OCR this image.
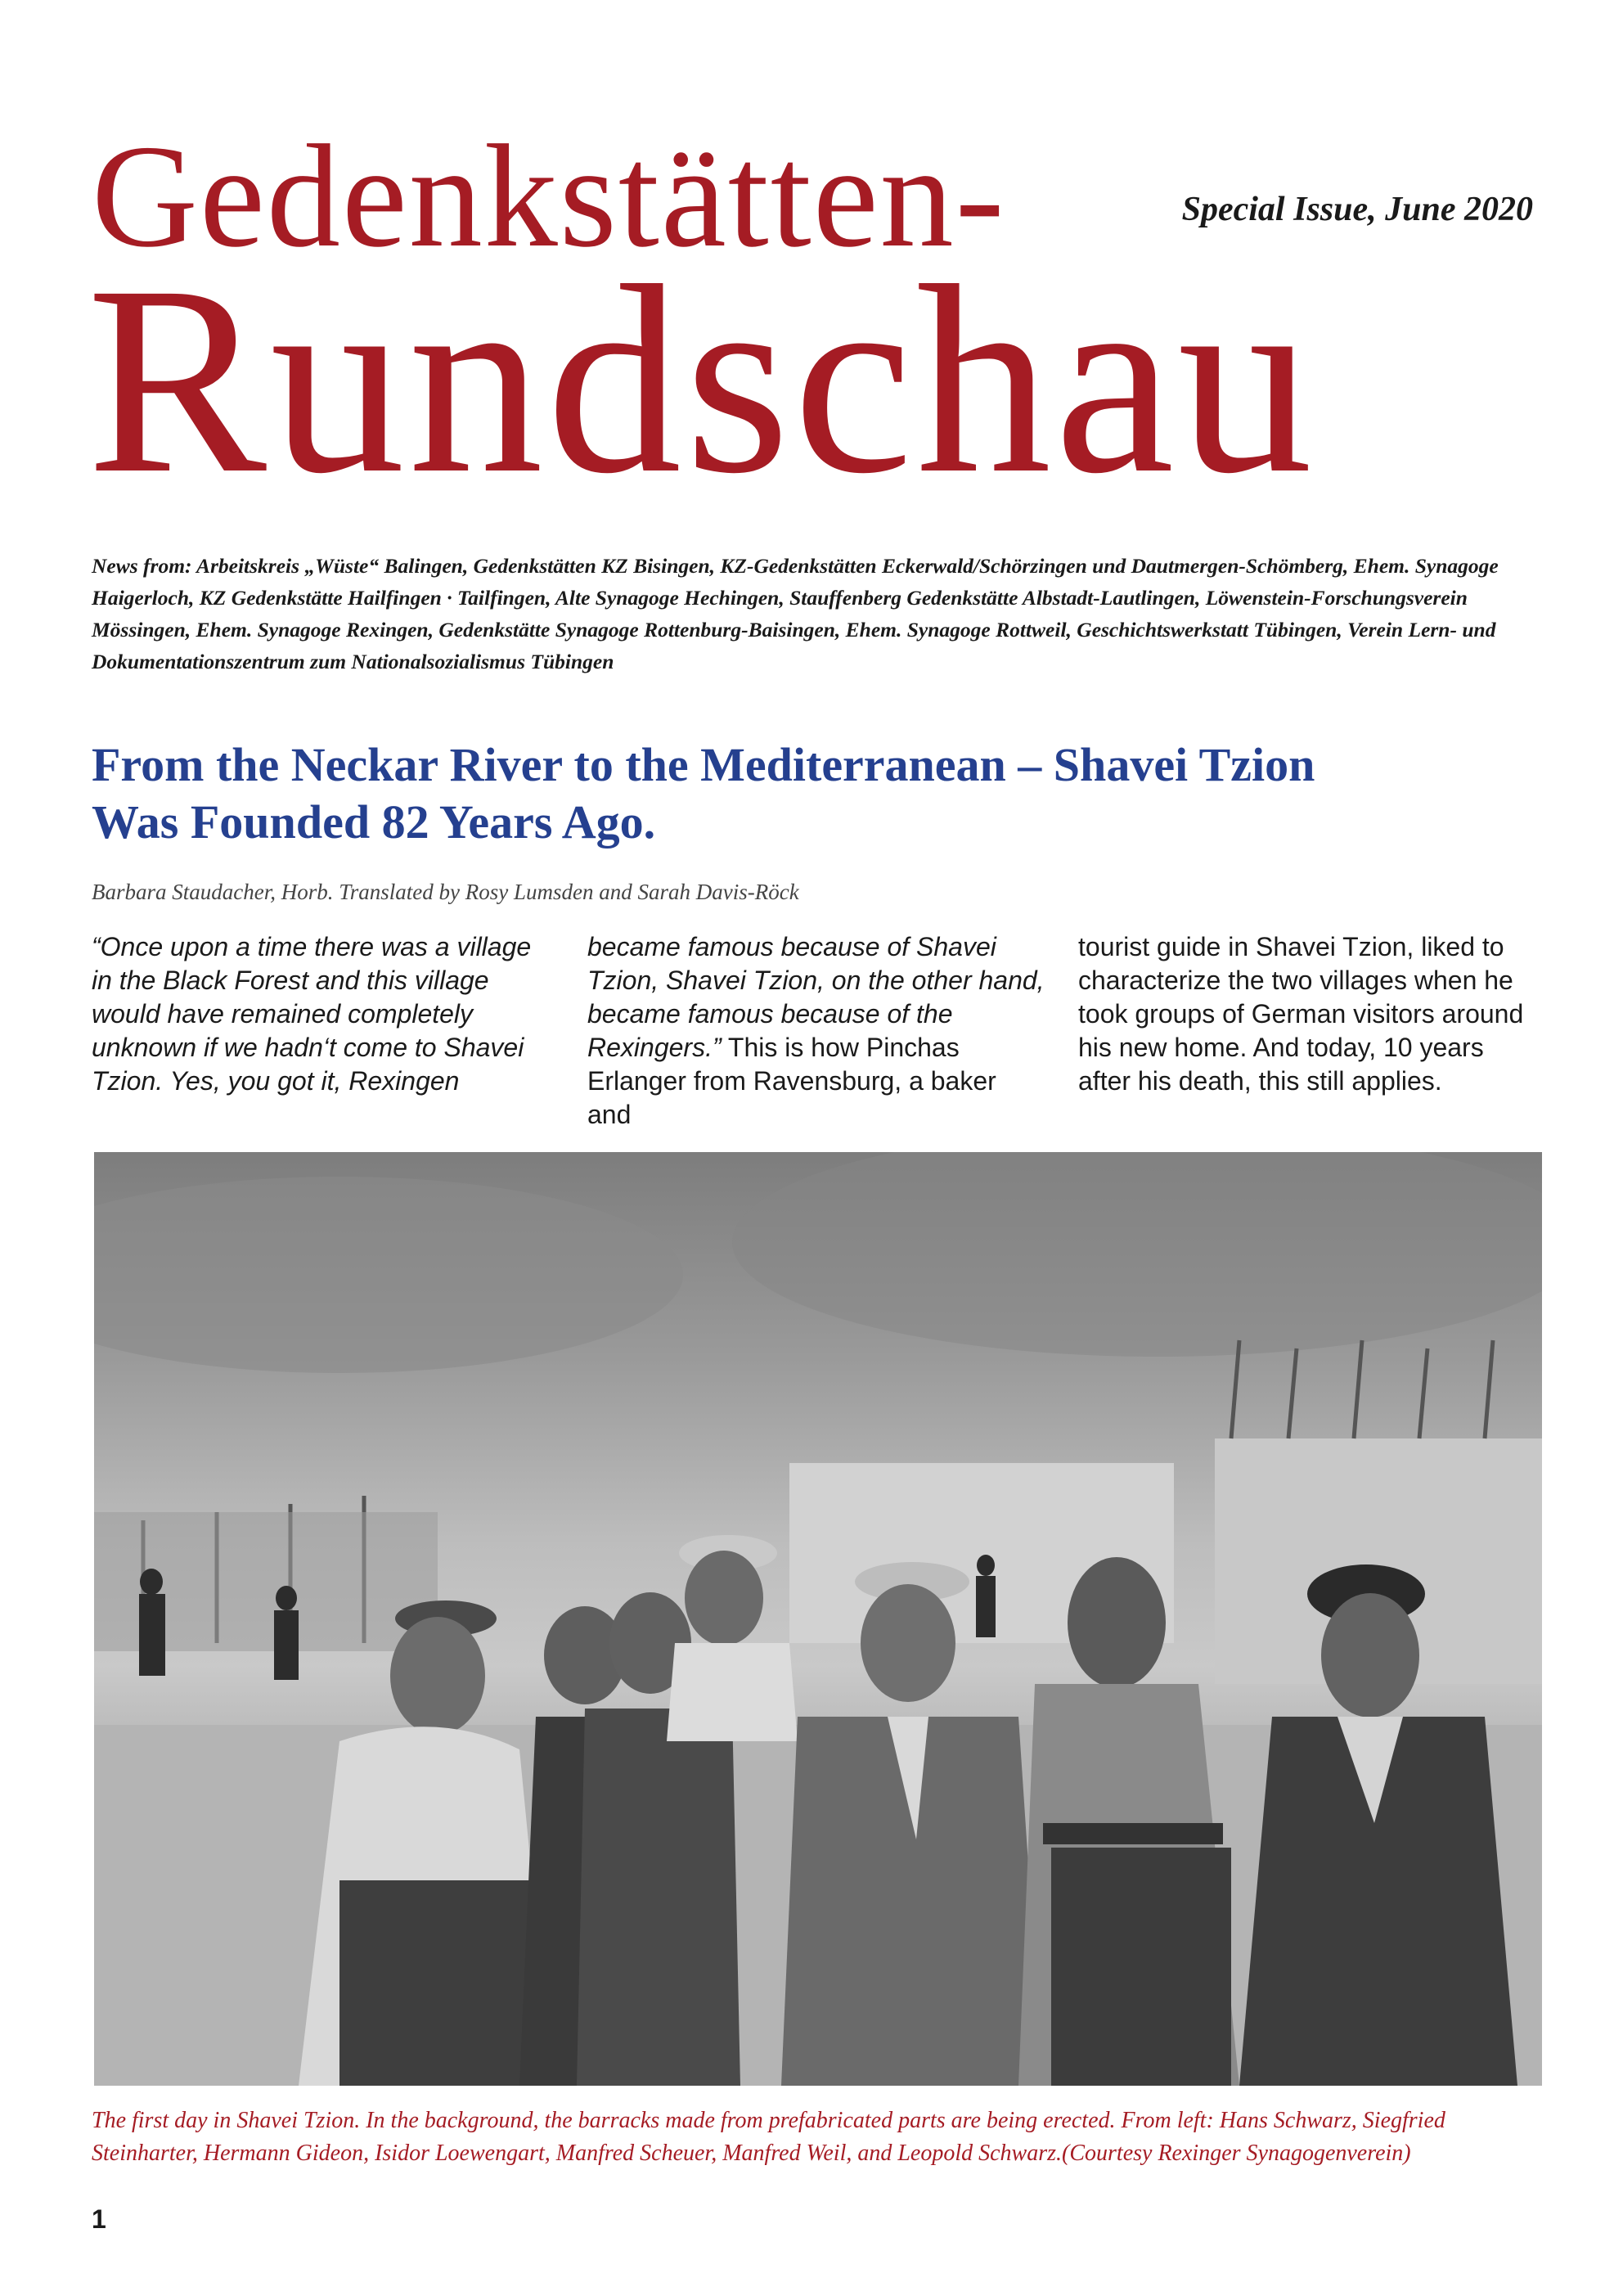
Gedenkstätten-
Rundschau
Special Issue, June 2020
News from: Arbeitskreis „Wüste“ Balingen, Gedenkstätten KZ Bisingen, KZ-Gedenkstätten Eckerwald/Schörzingen und Dautmergen-Schömberg, Ehem. Synagoge Haigerloch, KZ Gedenkstätte Hailfingen · Tailfingen, Alte Synagoge Hechingen, Stauffenberg Gedenkstätte Albstadt-Lautlingen, Löwenstein-Forschungsverein Mössingen, Ehem. Synagoge Rexingen, Gedenkstätte Synagoge Rottenburg-Baisingen, Ehem. Synagoge Rottweil, Geschichtswerkstatt Tübingen, Verein Lern- und Dokumentationszentrum zum Nationalsozialismus Tübingen
From the Neckar River to the Mediterranean – Shavei Tzion
Was Founded 82 Years Ago.
Barbara Staudacher, Horb. Translated by Rosy Lumsden and Sarah Davis-Röck
“Once upon a time there was a village in the Black Forest and this village would have remained completely unknown if we hadn‘t come to Shavei Tzion. Yes, you got it, Rexingen
became famous because of Shavei Tzion, Shavei Tzion, on the other hand, became famous because of the Rexingers.” This is how Pinchas Erlanger from Ravensburg, a baker and
tourist guide in Shavei Tzion, liked to characterize the two villages when he took groups of German visitors around his new home. And today, 10 years after his death, this still applies.
The first day in Shavei Tzion. In the background, the barracks made from prefabricated parts are being erected. From left: Hans Schwarz, Siegfried Steinharter, Hermann Gideon, Isidor Loewengart, Manfred Scheuer, Manfred Weil, and Leopold Schwarz.(Courtesy Rexinger Synagogenverein)
1
